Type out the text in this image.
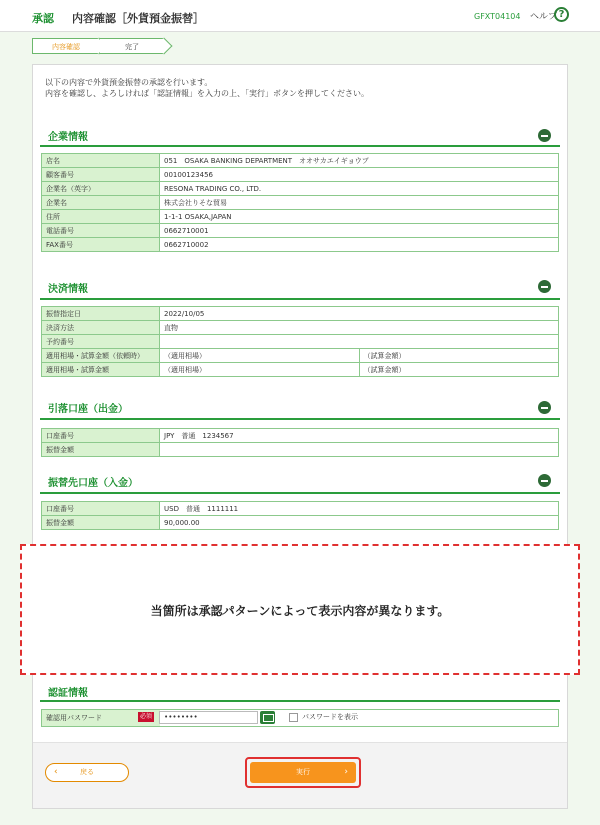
承認 内容確認［外貨預金振替］	GFXT04104 ヘルプ ?
内容確認	完了
以下の内容で外貨預金振替の承認を行います。
内容を確認し、よろしければ「認証情報」を入力の上、「実行」ボタンを押してください。
企業情報
店名	051　OSAKA BANKING DEPARTMENT　オオサカエイギョウブ
顧客番号	00100123456
企業名（英字）	RESONA TRADING CO., LTD.
企業名	株式会社りそな貿易
住所	1-1-1 OSAKA,JAPAN
電話番号	0662710001
FAX番号	0662710002
決済情報
振替指定日	2022/10/05	
決済方法	直物	
予約番号		
適用相場・試算金額（依頼時）	（適用相場）	（試算金額）
適用相場・試算金額	（適用相場）	（試算金額）
引落口座（出金）
口座番号	JPY　普通　1234567
振替金額	
振替先口座（入金）
口座番号	USD　普通　1111111
振替金額	90,000.00
当箇所は承認パターンによって表示内容が異なります。
認証情報
確認用パスワード	必須	••••••••	パスワードを表示
‹	戻る	実行	›
